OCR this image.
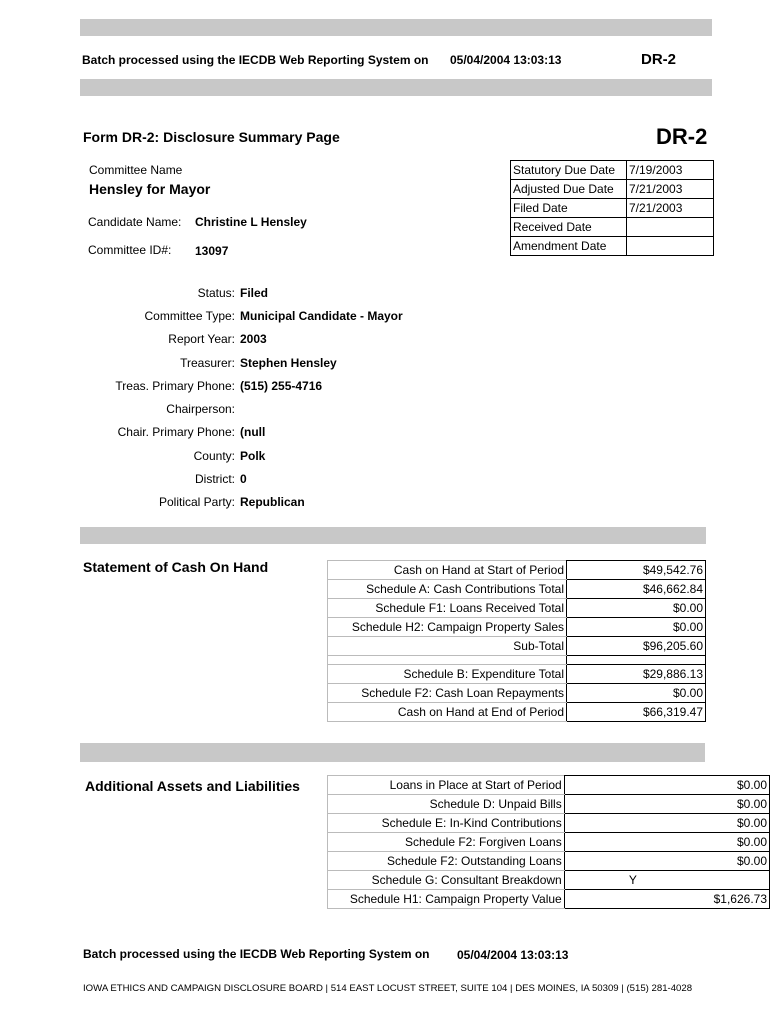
Batch processed using the IECDB Web Reporting System on 05/04/2004 13:03:13	DR-2
Form DR-2: Disclosure Summary Page	DR-2
Committee Name
Hensley for Mayor
Candidate Name: Christine L Hensley
Committee ID#: 13097
Statutory Due Date	7/19/2003
Adjusted Due Date	7/21/2003
Filed Date	7/21/2003
Received Date	
Amendment Date	
Status: Filed
Committee Type: Municipal Candidate - Mayor
Report Year: 2003
Treasurer: Stephen Hensley
Treas. Primary Phone: (515) 255-4716
Chairperson:
Chair. Primary Phone: (null
County: Polk
District: 0
Political Party: Republican
Statement of Cash On Hand	Cash on Hand at Start of Period	$49,542.76
Schedule A: Cash Contributions Total	$46,662.84
Schedule F1: Loans Received Total	$0.00
Schedule H2: Campaign Property Sales	$0.00
Sub-Total	$96,205.60

Schedule B: Expenditure Total	$29,886.13
Schedule F2: Cash Loan Repayments	$0.00
Cash on Hand at End of Period	$66,319.47
Additional Assets and Liabilities	Loans in Place at Start of Period	$0.00
Schedule D: Unpaid Bills	$0.00
Schedule E: In-Kind Contributions	$0.00
Schedule F2: Forgiven Loans	$0.00
Schedule F2: Outstanding Loans	$0.00
Schedule G: Consultant Breakdown	Y
Schedule H1: Campaign Property Value	$1,626.73
Batch processed using the IECDB Web Reporting System on 05/04/2004 13:03:13
IOWA ETHICS AND CAMPAIGN DISCLOSURE BOARD | 514 EAST LOCUST STREET, SUITE 104 | DES MOINES, IA 50309 | (515) 281-4028
